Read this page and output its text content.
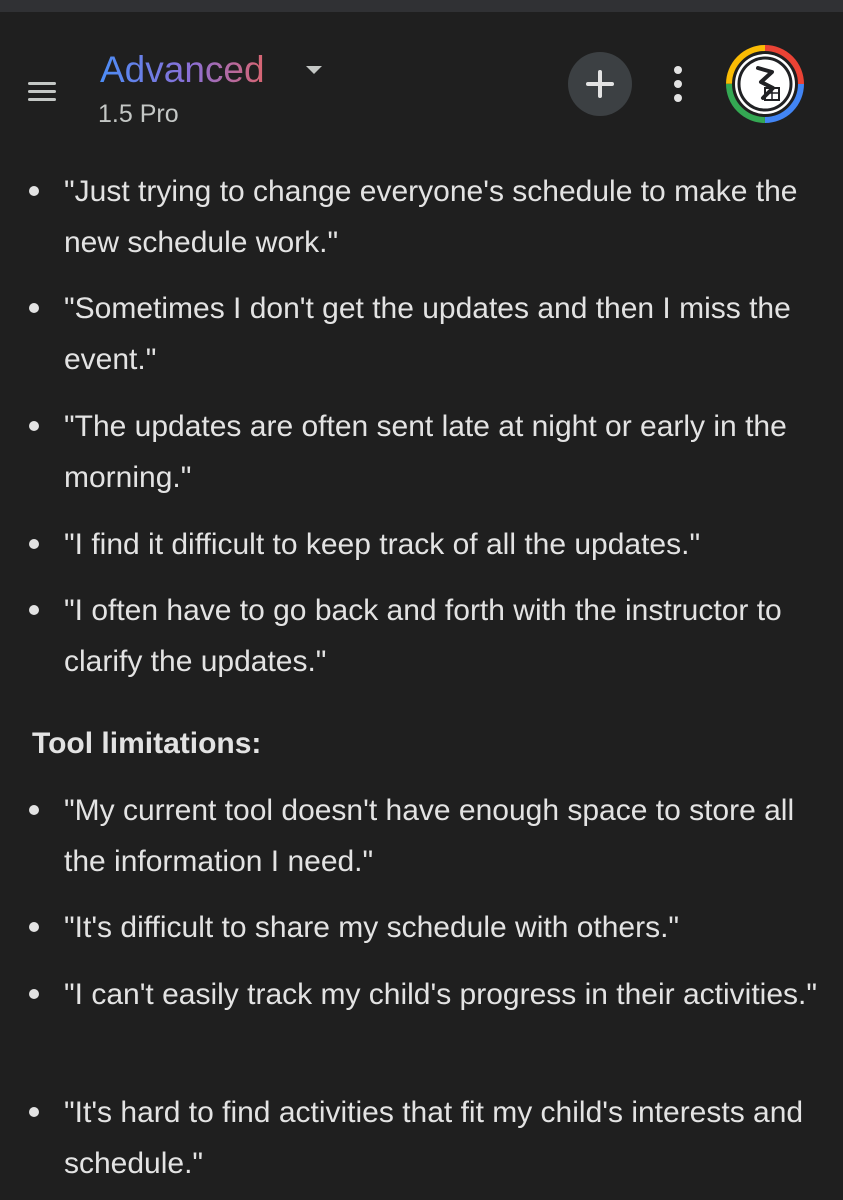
Advanced
1.5 Pro
"Just trying to change everyone's schedule to make the new schedule work."
"Sometimes I don't get the updates and then I miss the event."
"The updates are often sent late at night or early in the morning."
"I find it difficult to keep track of all the updates."
"I often have to go back and forth with the instructor to clarify the updates."
Tool limitations:
"My current tool doesn't have enough space to store all the information I need."
"It's difficult to share my schedule with others."
"I can't easily track my child's progress in their activities."
"It's hard to find activities that fit my child's interests and schedule."
